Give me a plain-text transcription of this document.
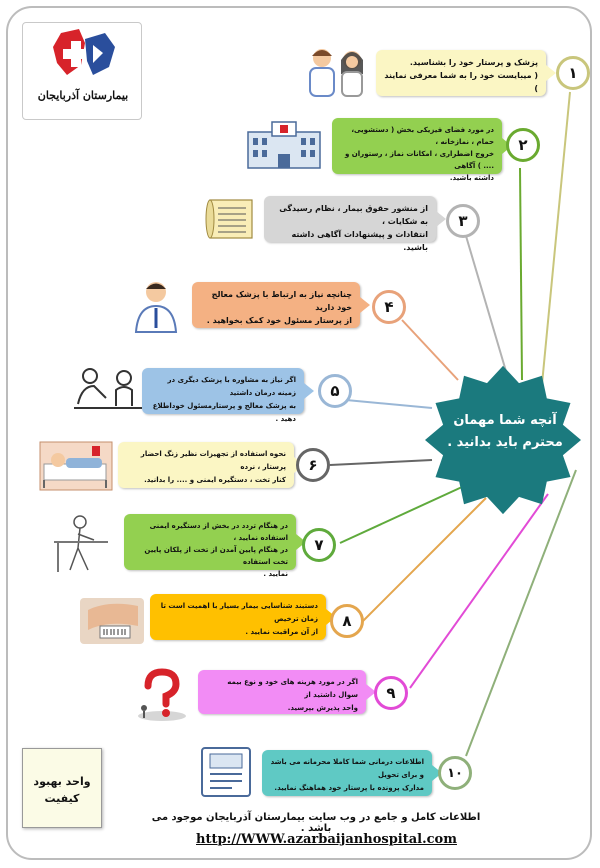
بیمارستان آذربایجان
آنچه شما مهمان
محترم باید بدانید .
پزشک و پرستار خود را بشناسید.
( میبایست خود را به شما معرفی نمایند )
۱
در مورد فضای فیزیکی بخش ( دستشویی، حمام ، نمازخانه ،
خروج اضطراری ، امکانات نماز ، رستوران و .... ) آگاهی
داشته باشید.
۲
از منشور حقوق بیمار ، نظام رسیدگی به شکایات ،
انتقادات و پیشنهادات آگاهی داشته باشید.
۳
چنانچه نیاز به ارتباط با پزشک معالج خود دارید
از پرستار مسئول خود کمک بخواهید .
۴
اگر نیاز به مشاوره با پزشک دیگری در زمینه درمان داشتید
به پزشک معالج و پرستارمسئول خوداطلاع دهید .
۵
نحوه استفاده از تجهیزات نظیر زنگ احضار پرستار ، نرده
کنار تخت ، دستگیره ایمنی و .... را بدانید.
۶
در هنگام تردد در بخش از دستگیره ایمنی استفاده نمایید ،
در هنگام پایین آمدن از تخت از پلکان پایین تخت استفاده
نمایید .
۷
دستبند شناسایی بیمار بسیار با اهمیت است تا زمان ترخیص
از آن مراقبت نمایید .
۸
اگر در مورد هزینه های خود و نوع بیمه سوال داشتید از
واحد پذیرش بپرسید.
۹
اطلاعات درمانی شما کاملا محرمانه می باشد و برای تحویل
مدارک پرونده با پرستار خود هماهنگ نمایید.
۱۰
واحد بهبود
کیفیت
اطلاعات کامل و جامع در وب سایت بیمارستان آذربایجان موجود می باشد .
http://WWW.azarbaijanhospital.com
